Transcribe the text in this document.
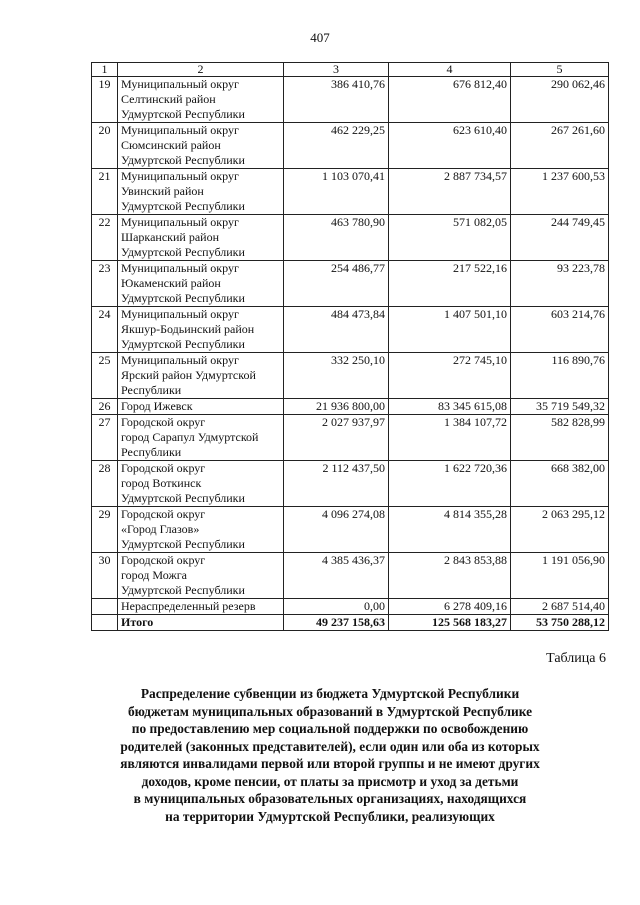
407
1	2	3	4	5
19	Муниципальный округ
Селтинский район
Удмуртской Республики	386 410,76	676 812,40	290 062,46
20	Муниципальный округ
Сюмсинский район
Удмуртской Республики	462 229,25	623 610,40	267 261,60
21	Муниципальный округ
Увинский район
Удмуртской Республики	1 103 070,41	2 887 734,57	1 237 600,53
22	Муниципальный округ
Шарканский район
Удмуртской Республики	463 780,90	571 082,05	244 749,45
23	Муниципальный округ
Юкаменский район
Удмуртской Республики	254 486,77	217 522,16	93 223,78
24	Муниципальный округ
Якшур-Бодьинский район
Удмуртской Республики	484 473,84	1 407 501,10	603 214,76
25	Муниципальный округ
Ярский район Удмуртской
Республики	332 250,10	272 745,10	116 890,76
26	Город Ижевск	21 936 800,00	83 345 615,08	35 719 549,32
27	Городской округ
город Сарапул Удмуртской
Республики	2 027 937,97	1 384 107,72	582 828,99
28	Городской округ
город Воткинск
Удмуртской Республики	2 112 437,50	1 622 720,36	668 382,00
29	Городской округ
«Город Глазов»
Удмуртской Республики	4 096 274,08	4 814 355,28	2 063 295,12
30	Городской округ
город Можга
Удмуртской Республики	4 385 436,37	2 843 853,88	1 191 056,90

	Нераспределенный резерв	0,00	6 278 409,16	2 687 514,40
	Итого	49 237 158,63	125 568 183,27	53 750 288,12
Таблица 6
Распределение субвенции из бюджета Удмуртской Республики
бюджетам муниципальных образований в Удмуртской Республике
по предоставлению мер социальной поддержки по освобождению
родителей (законных представителей), если один или оба из которых
являются инвалидами первой или второй группы и не имеют других
доходов, кроме пенсии, от платы за присмотр и уход за детьми
в муниципальных образовательных организациях, находящихся
на территории Удмуртской Республики, реализующих
